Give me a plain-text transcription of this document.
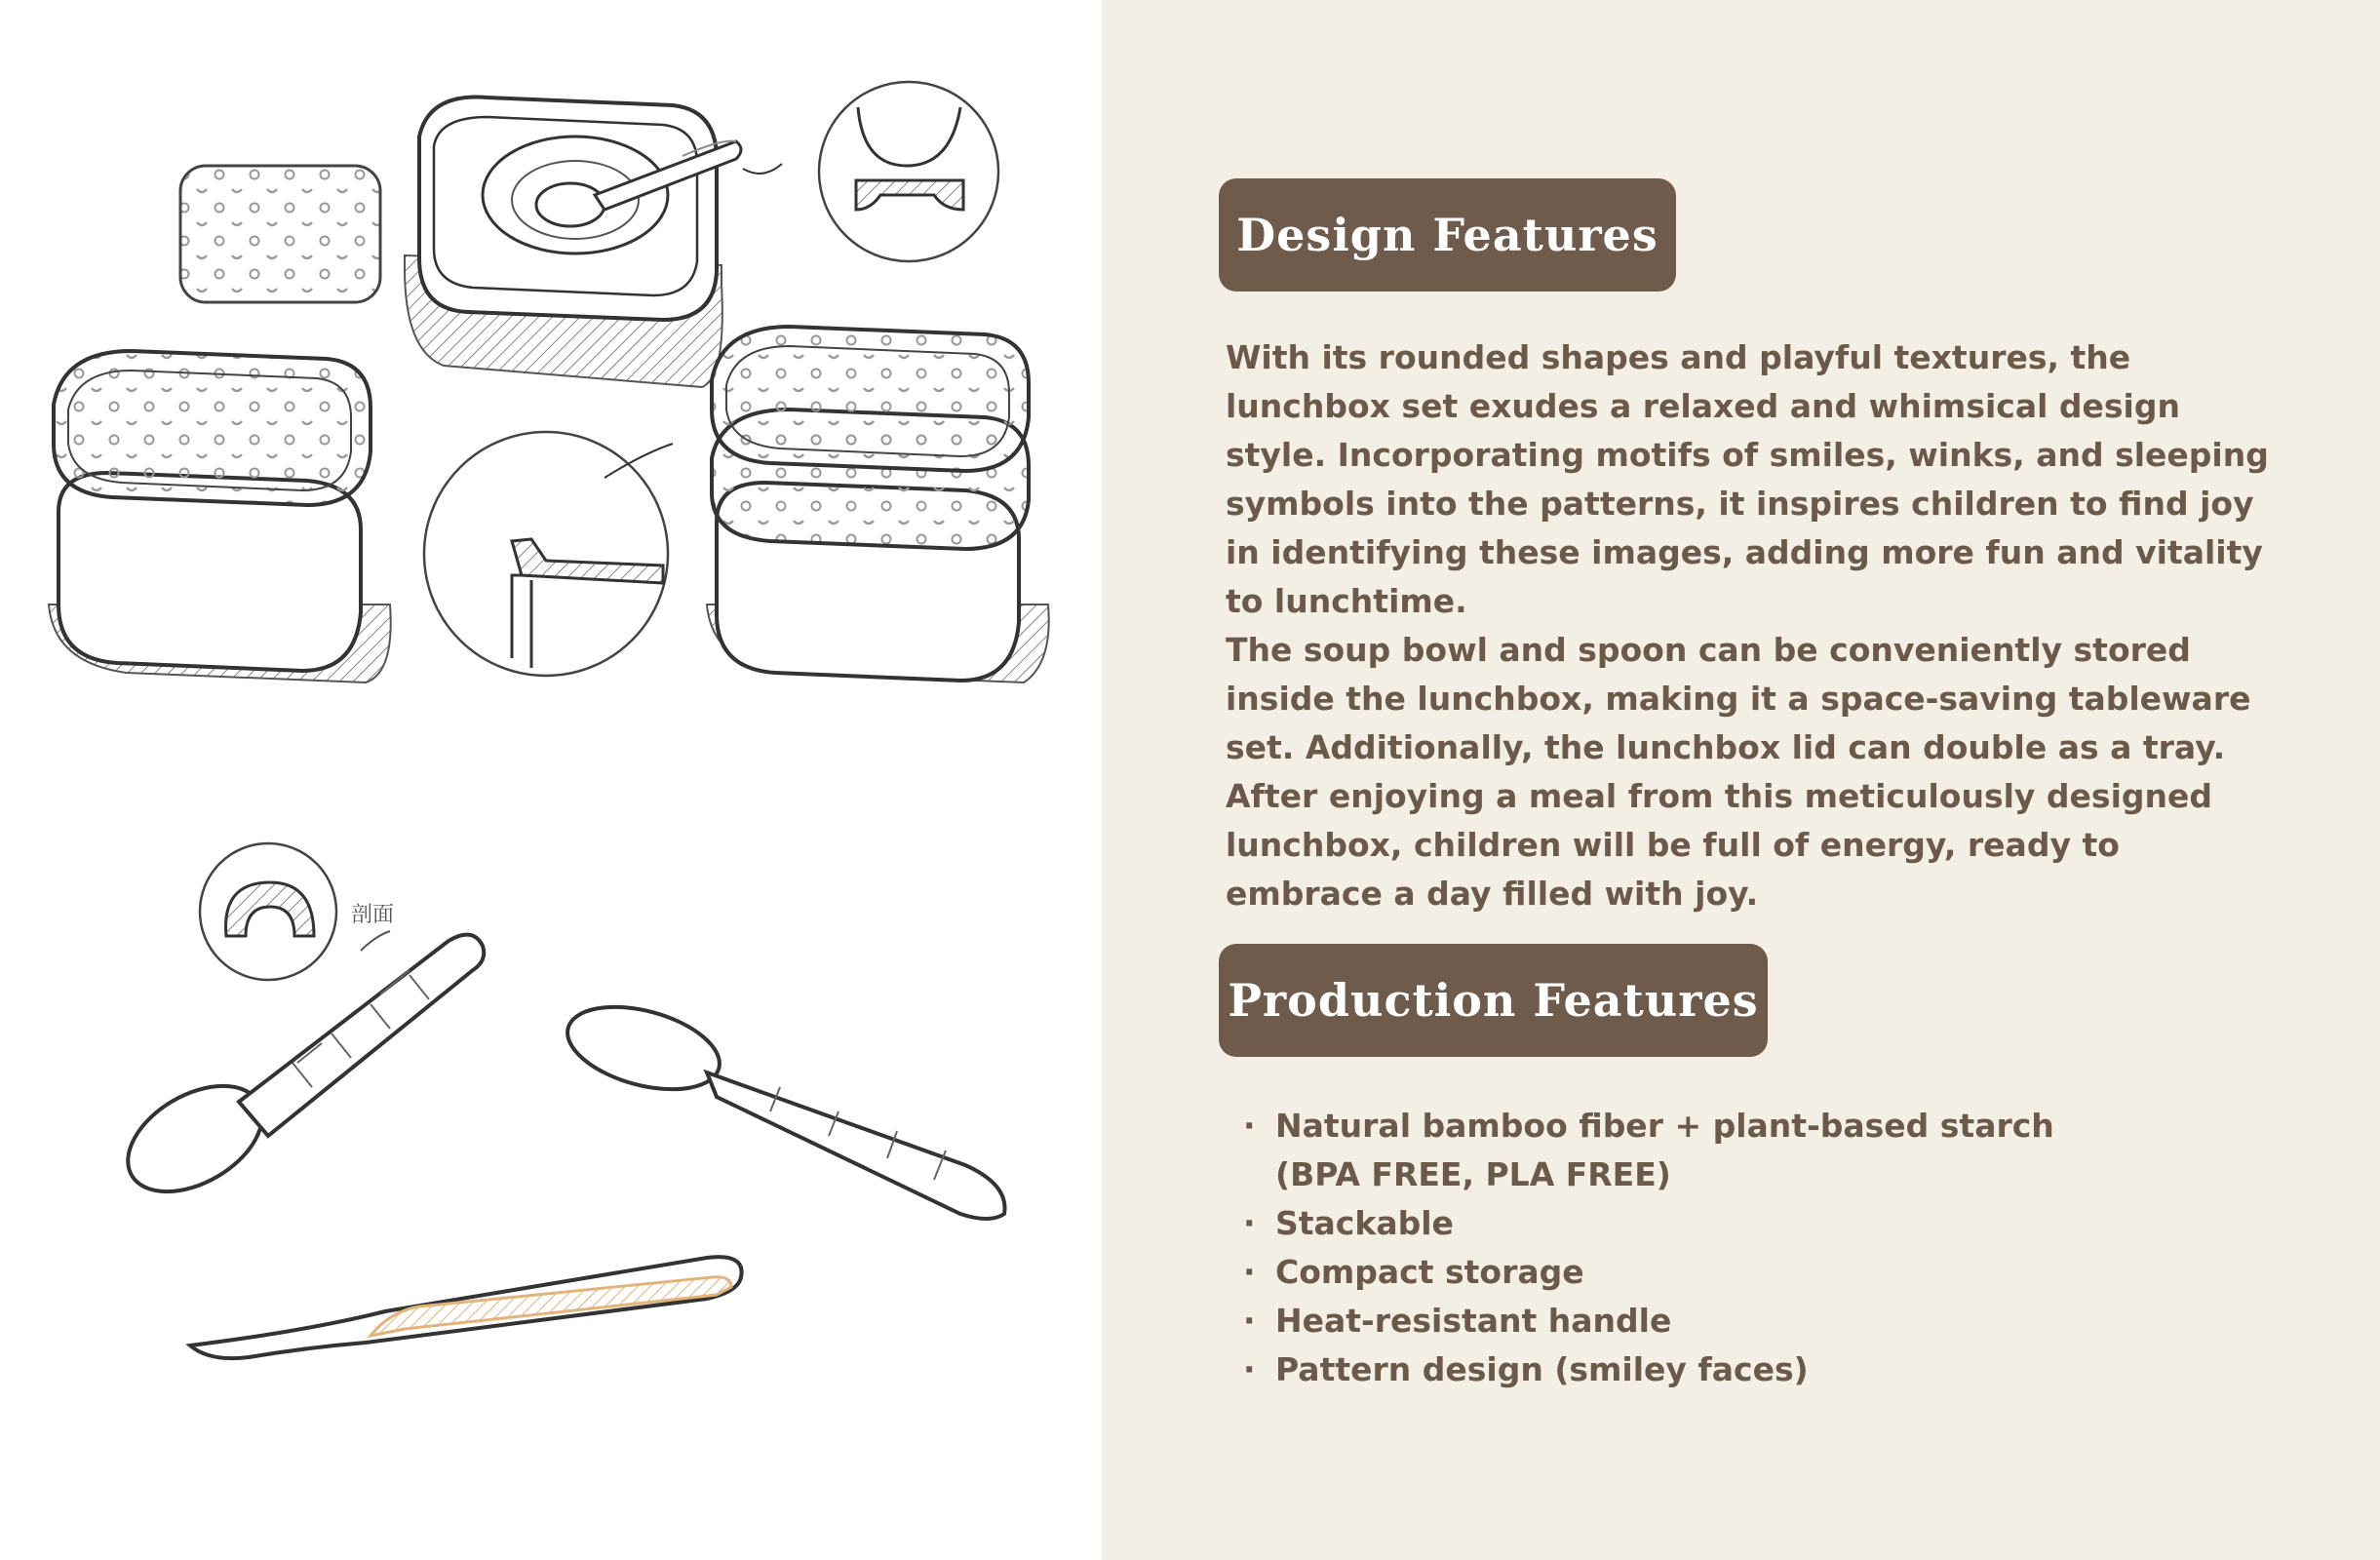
剖面
Design Features

With its rounded shapes and playful textures, the lunchbox set exudes a relaxed and whimsical design style. Incorporating motifs of smiles, winks, and sleeping symbols into the patterns, it inspires children to find joy in identifying these images, adding more fun and vitality to lunchtime.

The soup bowl and spoon can be conveniently stored inside the lunchbox, making it a space-saving tableware set. Additionally, the lunchbox lid can double as a tray. After enjoying a meal from this meticulously designed lunchbox, children will be full of energy, ready to embrace a day filled with joy.

Production Features
· Natural bamboo fiber + plant-based starch
(BPA FREE, PLA FREE)
· Stackable
· Compact storage
· Heat-resistant handle
· Pattern design (smiley faces)
